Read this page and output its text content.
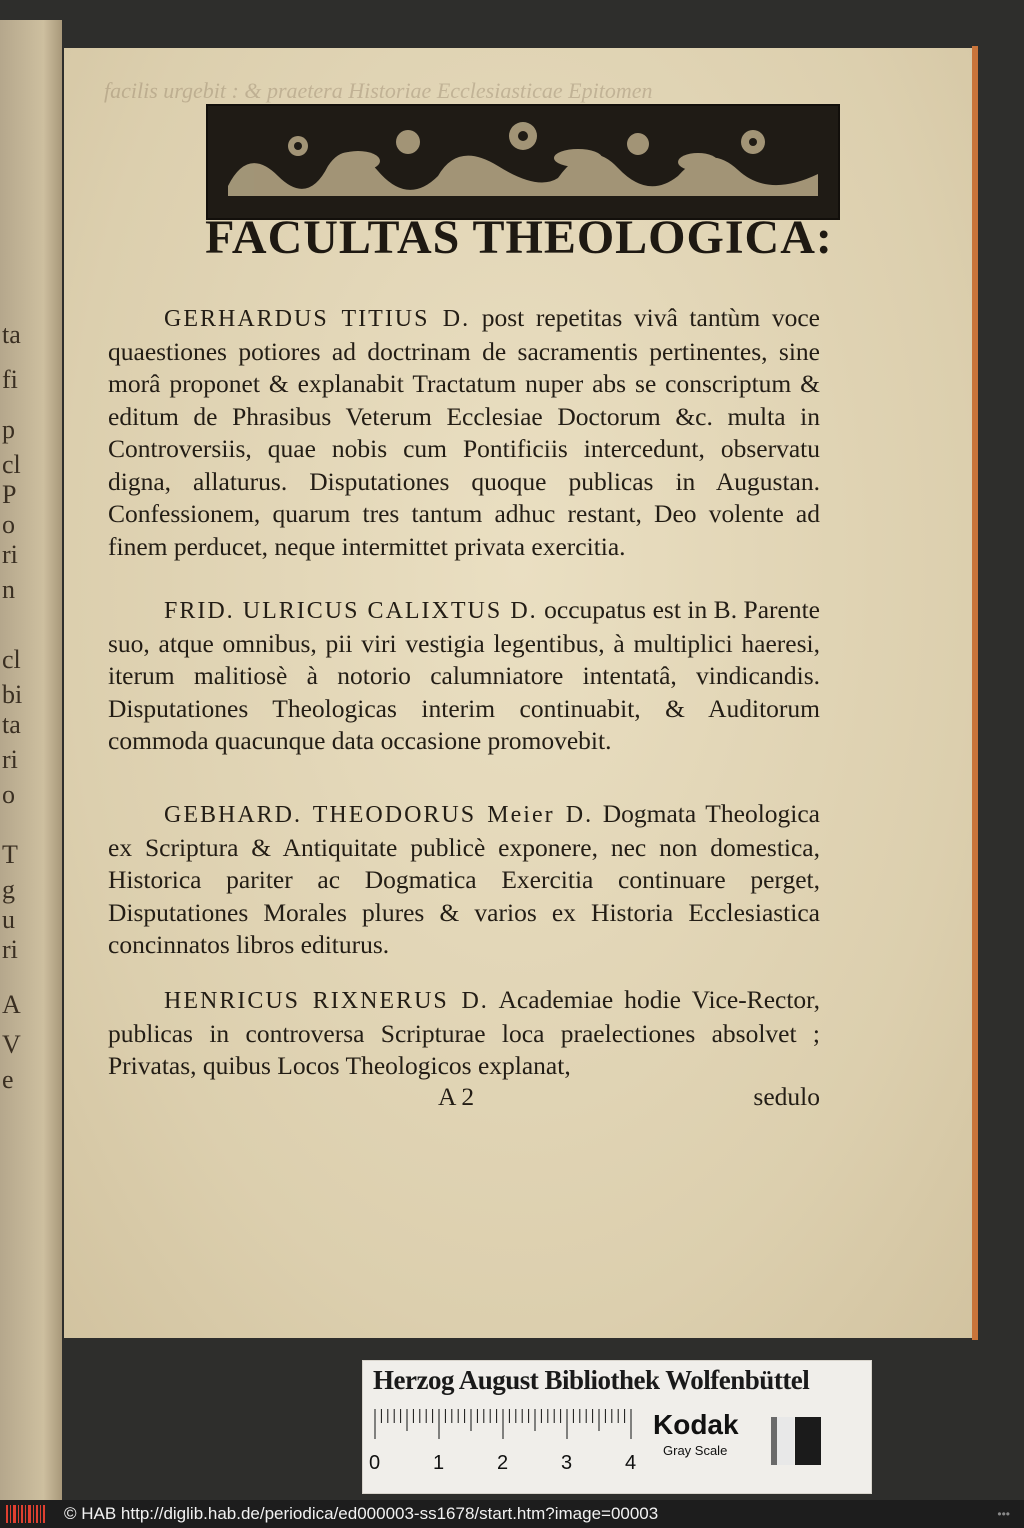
ta
fi
p
cl
P
o
ri
n
cl
bi
ta
ri
o
T
g
u
ri
A
V
e
facilis urgebit : & praetera Historiae Ecclesiasticae Epitomen
FACULTAS THEOLOGICA:

GERHARDUS TITIUS D. post repetitas vivâ tantùm voce quaestiones potiores ad doctrinam de sacramentis pertinentes, sine morâ proponet & explanabit Tractatum nuper abs se conscriptum & editum de Phrasibus Veterum Ecclesiae Doctorum &c. multa in Controversiis, quae nobis cum Pontificiis intercedunt, observatu digna, allaturus. Disputationes quoque publicas in Augustan. Confessionem, quarum tres tantum adhuc restant, Deo volente ad finem perducet, neque intermittet privata exercitia.

FRID. ULRICUS CALIXTUS D. occupatus est in B. Parente suo, atque omnibus, pii viri vestigia legentibus, à multiplici haeresi, iterum malitiosè à notorio calumniatore intentatâ, vindicandis. Disputationes Theologicas interim continuabit, & Auditorum commoda quacunque data occasione promovebit.

GEBHARD. THEODORUS Meier D. Dogmata Theologica ex Scriptura & Antiquitate publicè exponere, nec non domestica, Historica pariter ac Dogmatica Exercitia continuare perget, Disputationes Morales plures & varios ex Historia Ecclesiastica concinnatos libros editurus.

HENRICUS RIXNERUS D. Academiae hodie Vice-Rector, publicas in controversa Scripturae loca praelectiones absolvet ; Privatas, quibus Locos Theologicos explanat,

A 2	sedulo
Herzog August Bibliothek Wolfenbüttel
0	1	2	3	4
Kodak
Gray Scale
© HAB http://diglib.hab.de/periodica/ed000003-ss1678/start.htm?image=00003	•••
